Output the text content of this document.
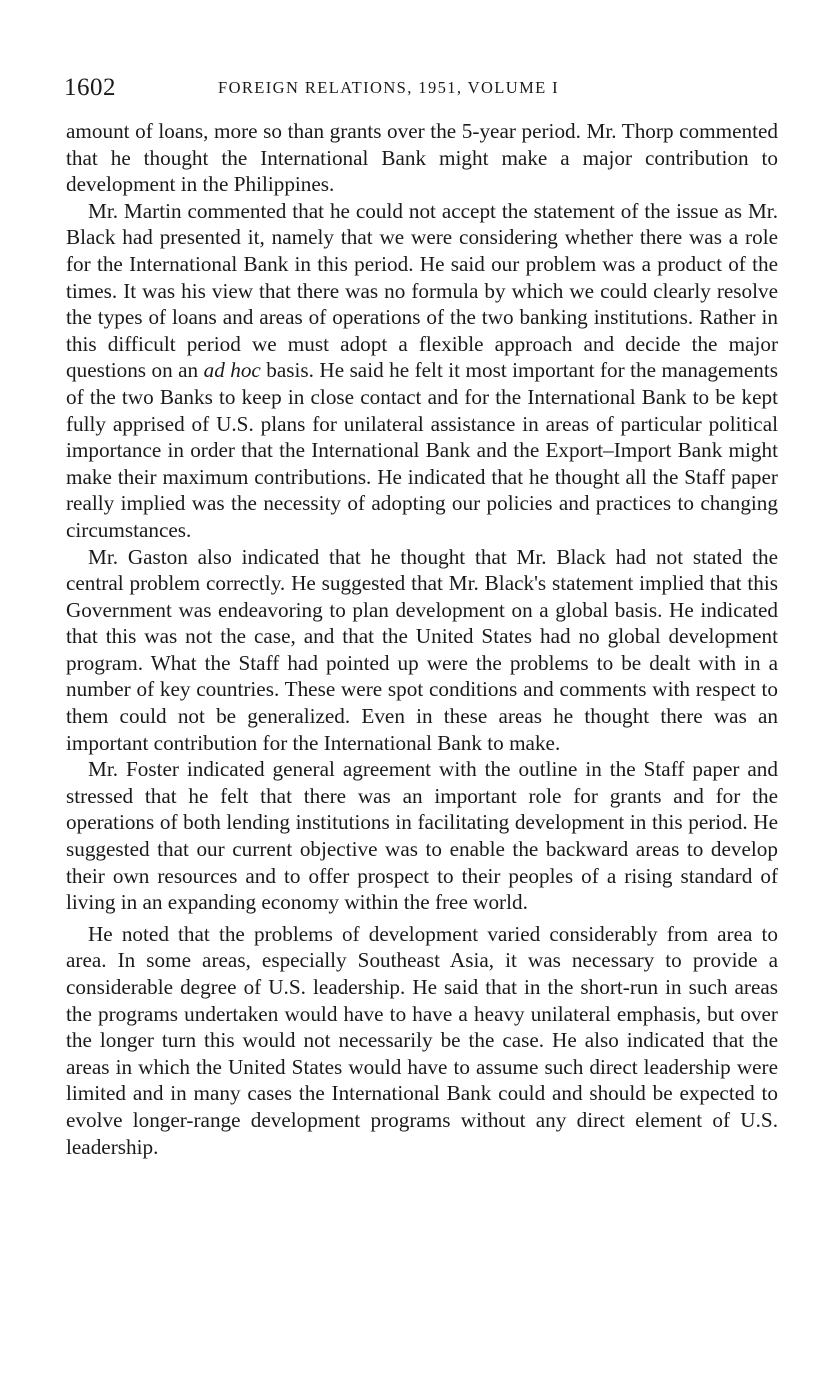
1602	FOREIGN RELATIONS, 1951, VOLUME I

amount of loans, more so than grants over the 5-year period. Mr. Thorp commented that he thought the International Bank might make a major contribution to development in the Philippines.

Mr. Martin commented that he could not accept the statement of the issue as Mr. Black had presented it, namely that we were considering whether there was a role for the International Bank in this period. He said our problem was a product of the times. It was his view that there was no formula by which we could clearly resolve the types of loans and areas of operations of the two banking institutions. Rather in this difficult period we must adopt a flexible approach and decide the major questions on an ad hoc basis. He said he felt it most important for the managements of the two Banks to keep in close contact and for the International Bank to be kept fully apprised of U.S. plans for unilateral assistance in areas of particular political importance in order that the International Bank and the Export–Import Bank might make their maximum contributions. He indicated that he thought all the Staff paper really implied was the necessity of adopting our policies and practices to changing circumstances.

Mr. Gaston also indicated that he thought that Mr. Black had not stated the central problem correctly. He suggested that Mr. Black's statement implied that this Government was endeavoring to plan development on a global basis. He indicated that this was not the case, and that the United States had no global development program. What the Staff had pointed up were the problems to be dealt with in a number of key countries. These were spot conditions and comments with respect to them could not be generalized. Even in these areas he thought there was an important contribution for the International Bank to make.

Mr. Foster indicated general agreement with the outline in the Staff paper and stressed that he felt that there was an important role for grants and for the operations of both lending institutions in facilitating development in this period. He suggested that our current objective was to enable the backward areas to develop their own resources and to offer prospect to their peoples of a rising standard of living in an expanding economy within the free world.

He noted that the problems of development varied considerably from area to area. In some areas, especially Southeast Asia, it was necessary to provide a considerable degree of U.S. leadership. He said that in the short-run in such areas the programs undertaken would have to have a heavy unilateral emphasis, but over the longer turn this would not necessarily be the case. He also indicated that the areas in which the United States would have to assume such direct leadership were limited and in many cases the International Bank could and should be expected to evolve longer-range development programs without any direct element of U.S. leadership.
